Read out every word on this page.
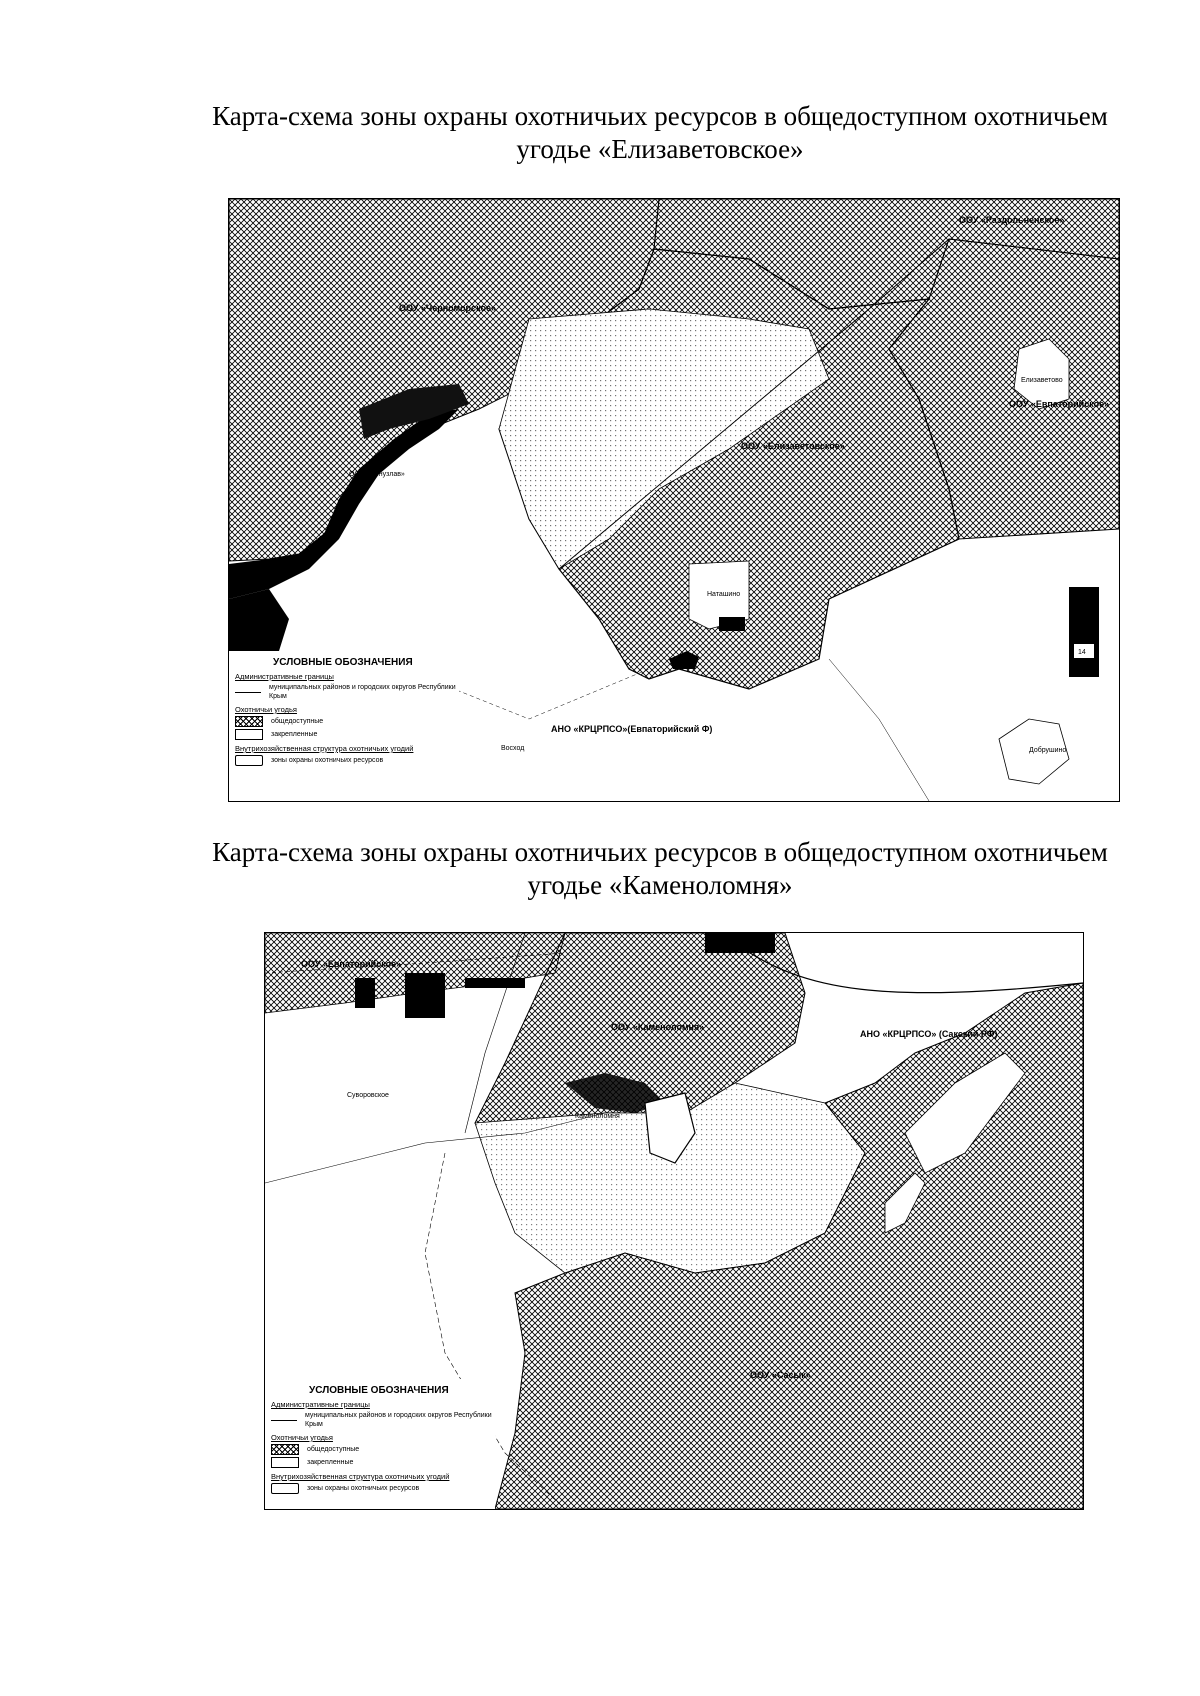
Карта-схема зоны охраны охотничьих ресурсов в общедоступном охотничьем
угодье «Елизаветовское»
ООУ «Раздольненское»
ООУ «Черноморское»
ООУ «Елизаветовское»
ООУ «Евпаторийское»
ООУ «Донузлав»
АНО «КРЦРПСО»(Евпаторийский Ф)
Елизаветово
Наташино
Восход	Добрушино
14
УСЛОВНЫЕ ОБОЗНАЧЕНИЯ
Административные границы
муниципальных районов и городских округов Республики Крым
Охотничьи угодья
общедоступные
закрепленные
Внутрихозяйственная структура охотничьих угодий
зоны охраны охотничьих ресурсов
Карта-схема зоны охраны охотничьих ресурсов в общедоступном охотничьем
угодье «Каменоломня»
ООУ «Евпаторийское»
ООУ «Каменоломня»
АНО «КРЦРПСО» (Сакский РФ)
Суворовское
Каменоломня
ООУ «Сасык»
УСЛОВНЫЕ ОБОЗНАЧЕНИЯ
Административные границы
муниципальных районов и городских округов Республики Крым
Охотничьи угодья
общедоступные
закрепленные
Внутрихозяйственная структура охотничьих угодий
зоны охраны охотничьих ресурсов
